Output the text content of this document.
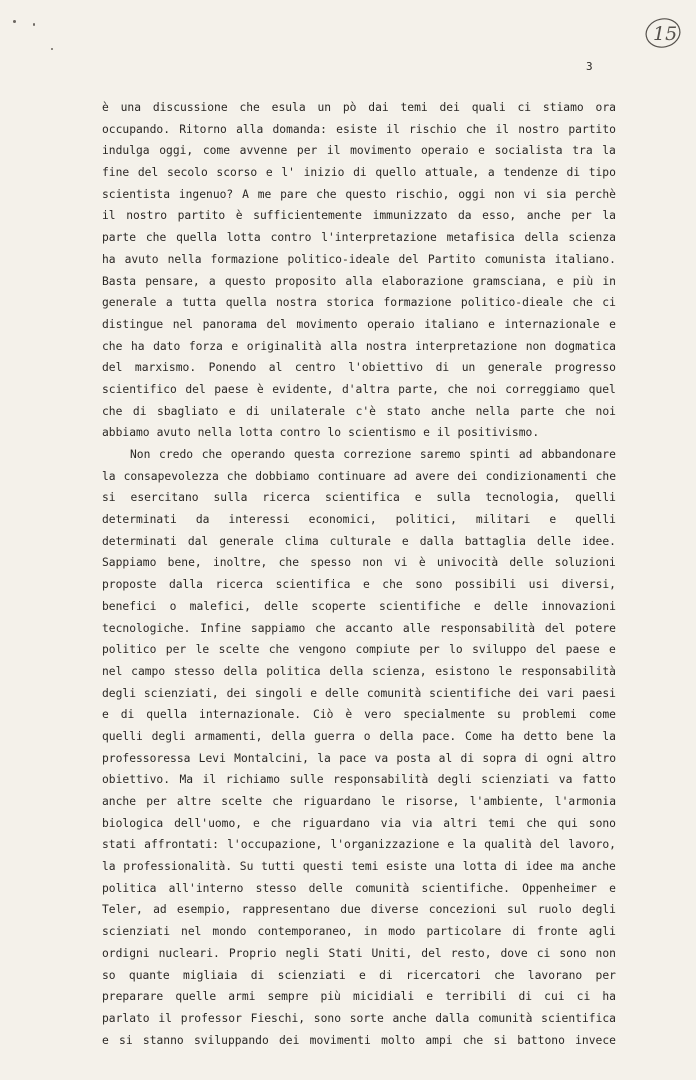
15
3
è una discussione che esula un pò dai temi dei quali ci stiamo ora
occupando. Ritorno alla domanda: esiste il rischio che il nostro partito
indulga oggi, come avvenne per il movimento operaio e socialista tra la
fine del secolo scorso e l' inizio di quello attuale, a tendenze di tipo
scientista ingenuo? A me pare che questo rischio, oggi non vi sia perchè
il nostro partito è sufficientemente immunizzato da esso, anche per la
parte che quella lotta contro l'interpretazione metafisica della scienza
ha avuto nella formazione politico-ideale del Partito comunista italiano.
Basta pensare, a questo proposito alla elaborazione gramsciana, e più in
generale a tutta quella nostra storica formazione politico-dieale che ci
distingue nel panorama del movimento operaio italiano e internazionale e
che ha dato forza e originalità alla nostra interpretazione non dogmatica
del marxismo. Ponendo al centro l'obiettivo di un generale progresso
scientifico del paese è evidente, d'altra parte, che noi correggiamo quel
che di sbagliato e di unilaterale c'è stato anche nella parte che noi
abbiamo avuto nella lotta contro lo scientismo e il positivismo.
Non credo che operando questa correzione saremo spinti ad abbandonare
la consapevolezza che dobbiamo continuare ad avere dei condizionamenti che
si esercitano sulla ricerca scientifica e sulla tecnologia, quelli
determinati da interessi economici, politici, militari e quelli
determinati dal generale clima culturale e dalla battaglia delle idee.
Sappiamo bene, inoltre, che spesso non vi è univocità delle soluzioni
proposte dalla ricerca scientifica e che sono possibili usi diversi,
benefici o malefici, delle scoperte scientifiche e delle innovazioni
tecnologiche. Infine sappiamo che accanto alle responsabilità del potere
politico per le scelte che vengono compiute per lo sviluppo del paese e
nel campo stesso della politica della scienza, esistono le responsabilità
degli scienziati, dei singoli e delle comunità scientifiche dei vari paesi
e di quella internazionale. Ciò è vero specialmente su problemi come
quelli degli armamenti, della guerra o della pace. Come ha detto bene la
professoressa Levi Montalcini, la pace va posta al di sopra di ogni altro
obiettivo. Ma il richiamo sulle responsabilità degli scienziati va fatto
anche per altre scelte che riguardano le risorse, l'ambiente, l'armonia
biologica dell'uomo, e che riguardano via via altri temi che qui sono
stati affrontati: l'occupazione, l'organizzazione e la qualità del lavoro,
la professionalità. Su tutti questi temi esiste una lotta di idee ma anche
politica all'interno stesso delle comunità scientifiche. Oppenheimer e
Teler, ad esempio, rappresentano due diverse concezioni sul ruolo degli
scienziati nel mondo contemporaneo, in modo particolare di fronte agli
ordigni nucleari. Proprio negli Stati Uniti, del resto, dove ci sono non
so quante migliaia di scienziati e di ricercatori che lavorano per
preparare quelle armi sempre più micidiali e terribili di cui ci ha
parlato il professor Fieschi, sono sorte anche dalla comunità scientifica
e si stanno sviluppando dei movimenti molto ampi che si battono invece
